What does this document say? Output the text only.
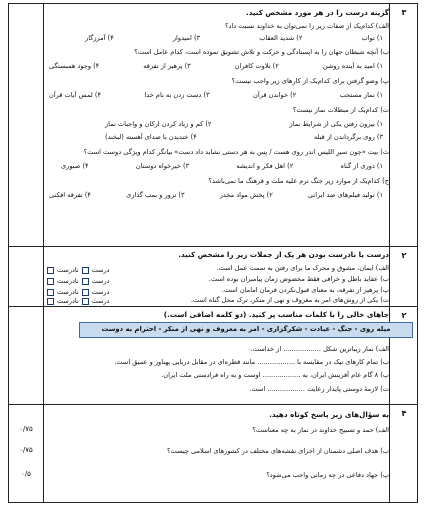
۳
۲
۲
۴
گزینه درست را در هر مورد مشخص کنید.
الف) کدام‌یک از صفات زیر را نمی‌توان به خداوند نسبت داد؟
۱) تواب
۲) شدید العقاب
۳) امیدوار
۴) آمرزگار
ب) آنچه شیطان جهان را به اپستادگی و حرکت و تلاش تشویق نموده است، کدام عامل است؟
۱) امید به آینده روشن
۲) تلاوت کافران
۳) پرهیز از تفرقه
۴) وجود همبستگی
پ) وضو گرفتن برای کدام‌یک از کارهای زیر واجب نیست؟
۱) نماز مستحب
۲) خواندن قرآن
۳) دست زدن به نام خدا
۴) لمس آیات قرآن
ت) کدام‌یک از مبطلات نماز نیست؟
۱) بیرون رفتن یکی از شرایط نماز
۲) کم و زیاد کردن ارکان و واجبات نماز
۳) روی برگرداندن از قبله
۴) خندیدن با صدای آهسته (لبخند)
ث) بیت «چون سیرِ اللیس اندر روی هست / پس به هر دستی نشاید داد دست» بیانگر کدام ویژگی دوست است؟
۱) دوری از گناه
۲) اهل فکر و اندیشه
۳) خیرخواه دوستان
۴) صبوری
ج) کدام‌یک از موارد زیر جنگ نرم علیه ملت و فرهنگ ما نمی‌باشد؟
۱) تولید فیلم‌های ضد ایرانی
۲) پخش مواد مخدر
۳) ترور و بمب گذاری
۴) تفرقه افکنی
درست یا نادرست بودن هر یک از جملات زیر را مشخص کنید.
الف) ایمان، مشوق و محرک ما برای رفتن به سمت عمل است.
درست
نادرست
ب) عقاید باطل و خرافی فقط مخصوص زمان پیامبران بوده است.
درست
نادرست
پ) پرهیز از تفرقه، به معنای قبول‌نکردن فرمان امامان است.
درست
نادرست
ت) یکی از روش‌های امر به معروف و نهی از منکر، ترک محل گناه است.
درست
نادرست
جاهای خالی را با کلمات مناسب پر کنید. (دو کلمه اضافی است.)
الف) نماز زیباترین شکل .................. از خداست.
ب) تمام کارهای نیک در مقایسه با .................. مانند قطره‌ای در مقابل دریایی پهناور و عمیق است.
پ) ۸ گام عام آفرینش ایران، به .................. اوست و به راه فرادستی ملت ایران.
ت) لازمهٔ دوستی پایدار رعایت .................. است.
میله روی - جنگ - عبادت - شکرگزاری - امر به معروف و نهی از منکر - احترام به دوست
به سؤال‌های زیر پاسخ کوتاه دهید.
الف) حمد و تسبیح خداوند در نماز به چه معناست؟
ب) هدف اصلی دشمنان از اجرای نقشه‌های مختلف در کشورهای اسلامی چیست؟
پ) جهاد دفاعی در چه زمانی واجب می‌شود؟
۰/۷۵
۰/۷۵
۰/۵
